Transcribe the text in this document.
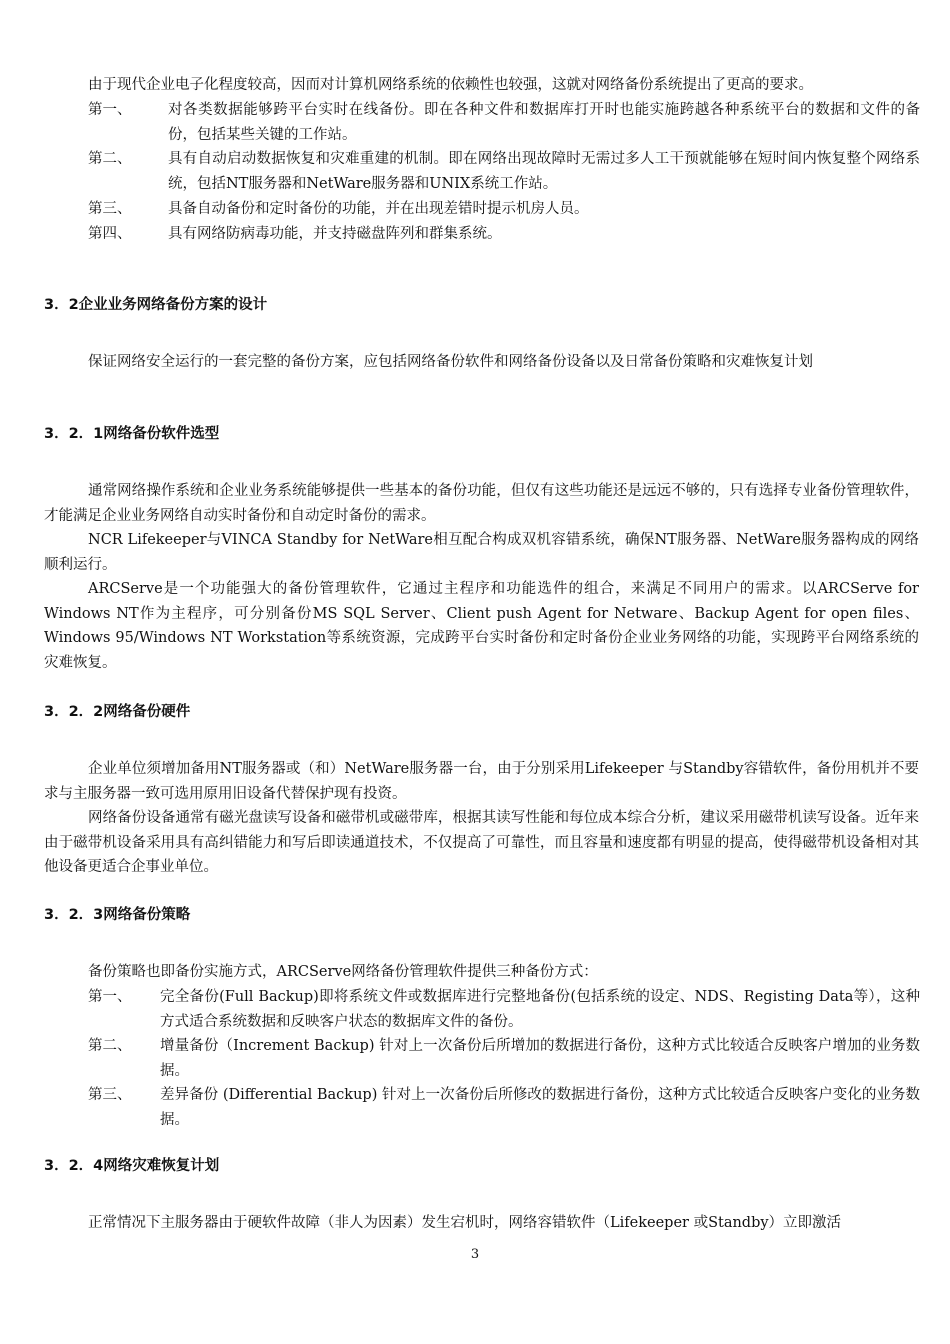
由于现代企业电子化程度较高，因而对计算机网络系统的依赖性也较强，这就对网络备份系统提出了更高的要求。

第一、	对各类数据能够跨平台实时在线备份。即在各种文件和数据库打开时也能实施跨越各种系统平台的数据和文件的备份，包括某些关键的工作站。

第二、	具有自动启动数据恢复和灾难重建的机制。即在网络出现故障时无需过多人工干预就能够在短时间内恢复整个网络系统，包括NT服务器和NetWare服务器和UNIX系统工作站。

第三、	具备自动备份和定时备份的功能，并在出现差错时提示机房人员。

第四、	具有网络防病毒功能，并支持磁盘阵列和群集系统。

3．2企业业务网络备份方案的设计

保证网络安全运行的一套完整的备份方案，应包括网络备份软件和网络备份设备以及日常备份策略和灾难恢复计划

3．2．1网络备份软件选型

通常网络操作系统和企业业务系统能够提供一些基本的备份功能，但仅有这些功能还是远远不够的，只有选择专业备份管理软件，才能满足企业业务网络自动实时备份和自动定时备份的需求。

NCR Lifekeeper与VINCA Standby for NetWare相互配合构成双机容错系统，确保NT服务器、NetWare服务器构成的网络顺利运行。

ARCServe是一个功能强大的备份管理软件，它通过主程序和功能选件的组合，来满足不同用户的需求。以ARCServe for Windows NT作为主程序，可分别备份MS SQL Server、Client push Agent for Netware、Backup Agent for open files、Windows 95/Windows NT Workstation等系统资源，完成跨平台实时备份和定时备份企业业务网络的功能，实现跨平台网络系统的灾难恢复。

3．2．2网络备份硬件

企业单位须增加备用NT服务器或（和）NetWare服务器一台，由于分别采用Lifekeeper 与Standby容错软件，备份用机并不要求与主服务器一致可选用原用旧设备代替保护现有投资。

网络备份设备通常有磁光盘读写设备和磁带机或磁带库，根据其读写性能和每位成本综合分析，建议采用磁带机读写设备。近年来由于磁带机设备采用具有高纠错能力和写后即读通道技术，不仅提高了可靠性，而且容量和速度都有明显的提高，使得磁带机设备相对其他设备更适合企事业单位。

3．2．3网络备份策略

备份策略也即备份实施方式，ARCServe网络备份管理软件提供三种备份方式：

第一、 完全备份(Full Backup)即将系统文件或数据库进行完整地备份(包括系统的设定、NDS、Registing Data等），这种方式适合系统数据和反映客户状态的数据库文件的备份。

第二、 增量备份（Increment Backup) 针对上一次备份后所增加的数据进行备份，这种方式比较适合反映客户增加的业务数据。

第三、 差异备份 (Differential Backup) 针对上一次备份后所修改的数据进行备份，这种方式比较适合反映客户变化的业务数据。

3．2．4网络灾难恢复计划

正常情况下主服务器由于硬软件故障（非人为因素）发生宕机时，网络容错软件（Lifekeeper 或Standby）立即激活

3
